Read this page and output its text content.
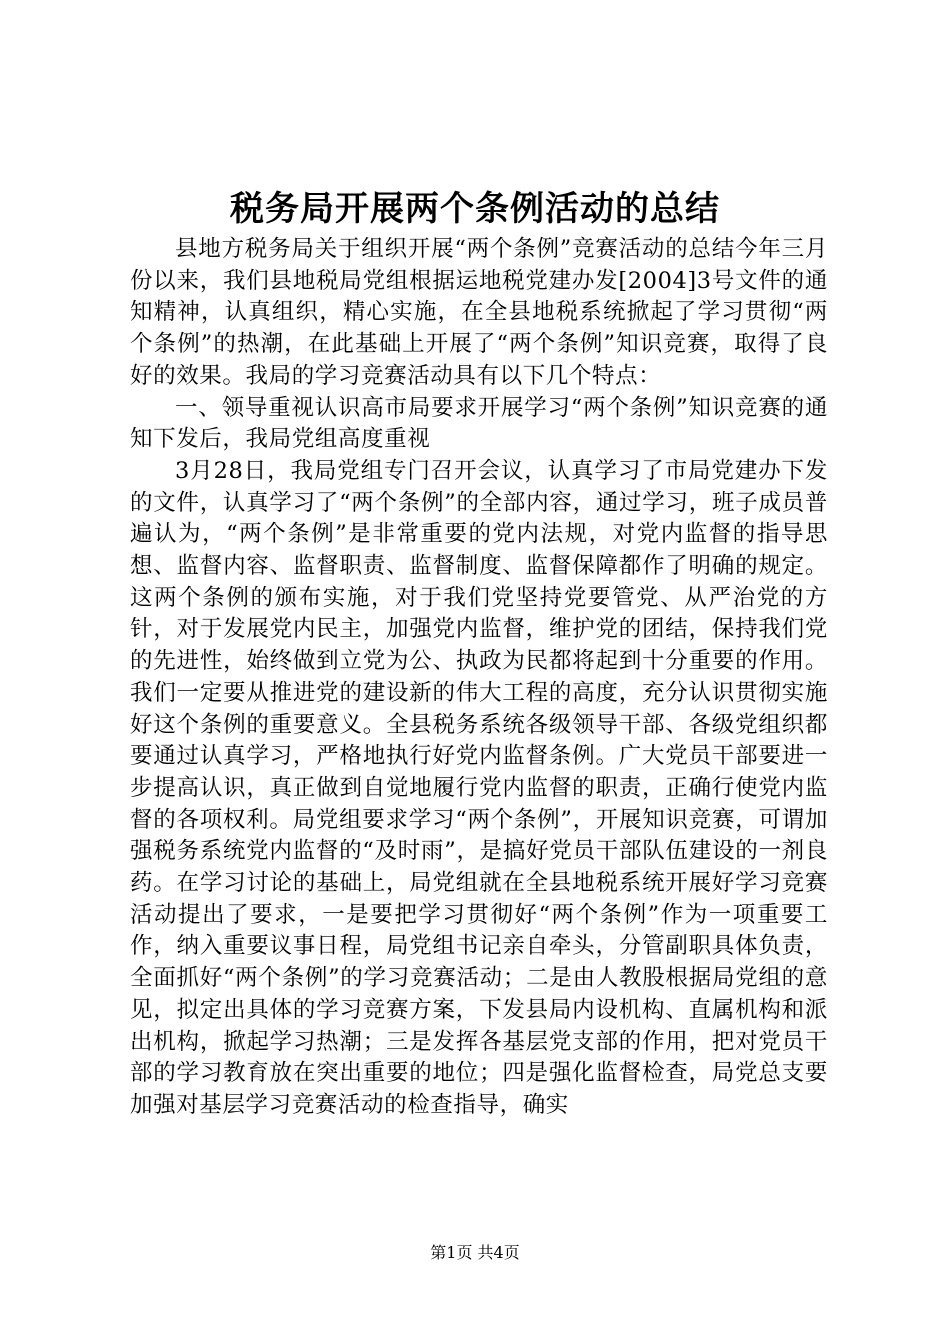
税务局开展两个条例活动的总结

县地方税务局关于组织开展“两个条例”竞赛活动的总结今年三月份以来，我们县地税局党组根据运地税党建办发[2004]3号文件的通知精神，认真组织，精心实施，在全县地税系统掀起了学习贯彻“两个条例”的热潮，在此基础上开展了“两个条例”知识竞赛，取得了良好的效果。我局的学习竞赛活动具有以下几个特点：

一、领导重视认识高市局要求开展学习“两个条例”知识竞赛的通知下发后，我局党组高度重视

3月28日，我局党组专门召开会议，认真学习了市局党建办下发的文件，认真学习了“两个条例”的全部内容，通过学习，班子成员普遍认为，“两个条例”是非常重要的党内法规，对党内监督的指导思想、监督内容、监督职责、监督制度、监督保障都作了明确的规定。这两个条例的颁布实施，对于我们党坚持党要管党、从严治党的方针，对于发展党内民主，加强党内监督，维护党的团结，保持我们党的先进性，始终做到立党为公、执政为民都将起到十分重要的作用。我们一定要从推进党的建设新的伟大工程的高度，充分认识贯彻实施好这个条例的重要意义。全县税务系统各级领导干部、各级党组织都要通过认真学习，严格地执行好党内监督条例。广大党员干部要进一步提高认识，真正做到自觉地履行党内监督的职责，正确行使党内监督的各项权利。局党组要求学习“两个条例”，开展知识竞赛，可谓加强税务系统党内监督的“及时雨”，是搞好党员干部队伍建设的一剂良药。在学习讨论的基础上，局党组就在全县地税系统开展好学习竞赛活动提出了要求，一是要把学习贯彻好“两个条例”作为一项重要工作，纳入重要议事日程，局党组书记亲自牵头，分管副职具体负责，全面抓好“两个条例”的学习竞赛活动；二是由人教股根据局党组的意见，拟定出具体的学习竞赛方案，下发县局内设机构、直属机构和派出机构，掀起学习热潮；三是发挥各基层党支部的作用，把对党员干部的学习教育放在突出重要的地位；四是强化监督检查，局党总支要加强对基层学习竞赛活动的检查指导，确实

第1页 共4页
